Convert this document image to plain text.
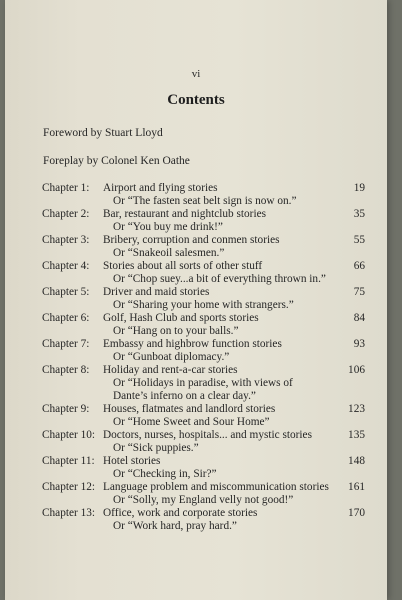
vi
Contents
Foreword by Stuart Lloyd
Foreplay by Colonel Ken Oathe
Chapter 1: Airport and flying stories
Or “The fasten seat belt sign is now on.”
19
Chapter 2: Bar, restaurant and nightclub stories
Or “You buy me drink!”
35
Chapter 3: Bribery, corruption and conmen stories
Or “Snakeoil salesmen.”
55
Chapter 4: Stories about all sorts of other stuff
Or “Chop suey...a bit of everything thrown in.”
66
Chapter 5: Driver and maid stories
Or “Sharing your home with strangers.”
75
Chapter 6: Golf, Hash Club and sports stories
Or “Hang on to your balls.”
84
Chapter 7: Embassy and highbrow function stories
Or “Gunboat diplomacy.”
93
Chapter 8: Holiday and rent-a-car stories
Or “Holidays in paradise, with views of
Dante’s inferno on a clear day.”
106
Chapter 9: Houses, flatmates and landlord stories
Or “Home Sweet and Sour Home”
123
Chapter 10: Doctors, nurses, hospitals... and mystic stories
Or “Sick puppies.”
135
Chapter 11: Hotel stories
Or “Checking in, Sir?”
148
Chapter 12: Language problem and miscommunication stories
Or “Solly, my England velly not good!”
161
Chapter 13: Office, work and corporate stories
Or “Work hard, pray hard.”
170
